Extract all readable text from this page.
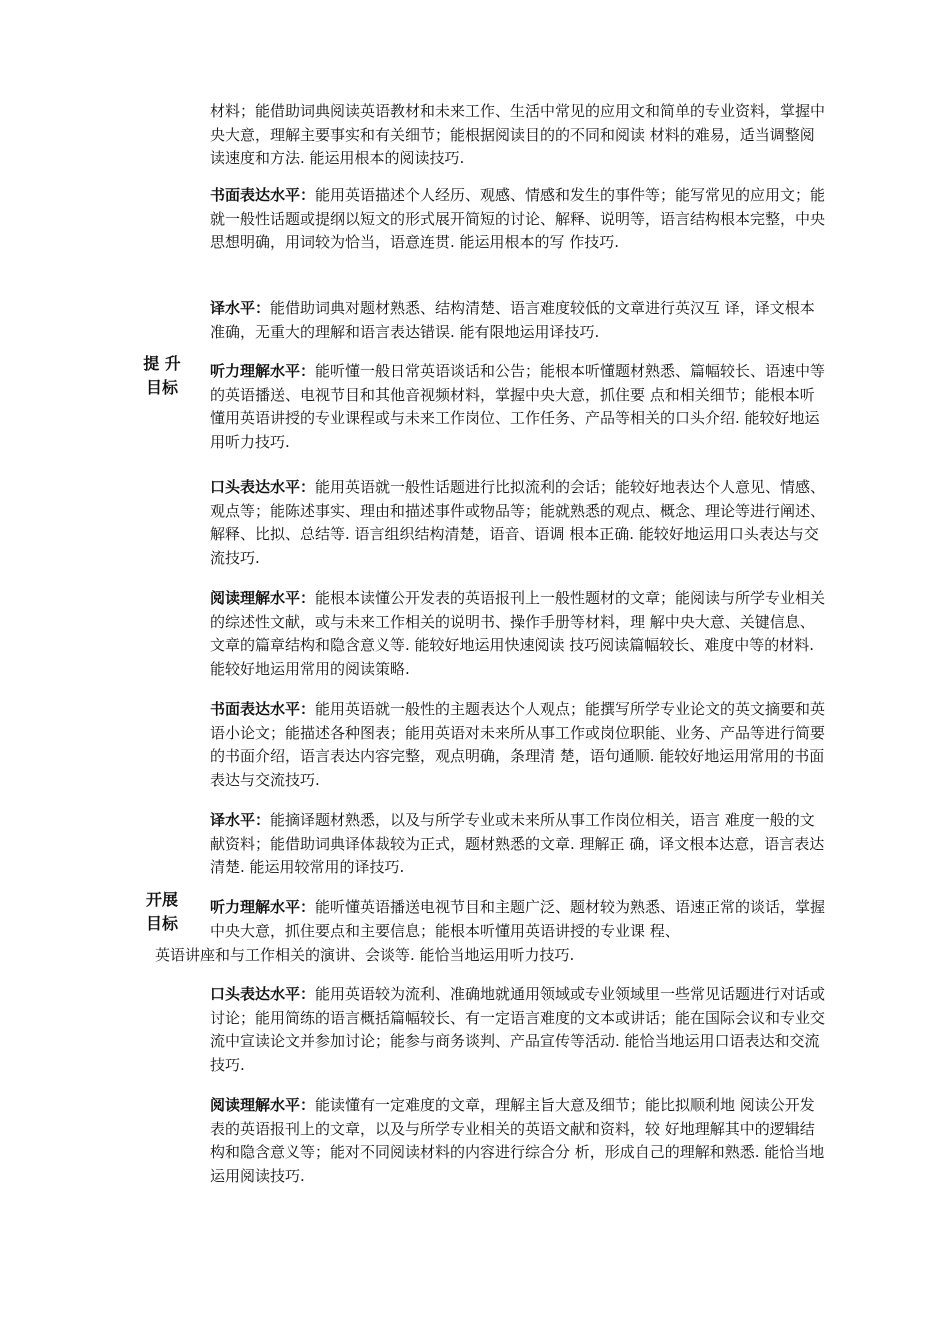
材料；能借助词典阅读英语教材和未来工作、生活中常见的应用文和简单的专业资料，掌握中央大意，理解主要事实和有关细节；能根据阅读目的的不同和阅读 材料的难易，适当调整阅读速度和方法. 能运用根本的阅读技巧.

书面表达水平：能用英语描述个人经历、观感、情感和发生的事件等；能写常见的应用文；能就一般性话题或提纲以短文的形式展开简短的讨论、解释、说明等，语言结构根本完整，中央思想明确，用词较为恰当，语意连贯. 能运用根本的写 作技巧.

译水平：能借助词典对题材熟悉、结构清楚、语言难度较低的文章进行英汉互 译，译文根本准确，无重大的理解和语言表达错误. 能有限地运用译技巧.

提 升
目标

听力理解水平：能听懂一般日常英语谈话和公告；能根本听懂题材熟悉、篇幅较长、语速中等的英语播送、电视节目和其他音视频材料，掌握中央大意，抓住要 点和相关细节；能根本听懂用英语讲授的专业课程或与未来工作岗位、工作任务、产品等相关的口头介绍. 能较好地运用听力技巧.

口头表达水平：能用英语就一般性话题进行比拟流利的会话；能较好地表达个人意见、情感、观点等；能陈述事实、理由和描述事件或物品等；能就熟悉的观点、概念、理论等进行阐述、解释、比拟、总结等. 语言组织结构清楚，语音、语调 根本正确. 能较好地运用口头表达与交流技巧.

阅读理解水平：能根本读懂公开发表的英语报刊上一般性题材的文章；能阅读与所学专业相关的综述性文献，或与未来工作相关的说明书、操作手册等材料，理 解中央大意、关键信息、文章的篇章结构和隐含意义等. 能较好地运用快速阅读 技巧阅读篇幅较长、难度中等的材料. 能较好地运用常用的阅读策略.

书面表达水平：能用英语就一般性的主题表达个人观点；能撰写所学专业论文的英文摘要和英语小论文；能描述各种图表；能用英语对未来所从事工作或岗位职能、业务、产品等进行简要的书面介绍，语言表达内容完整，观点明确，条理清 楚，语句通顺. 能较好地运用常用的书面表达与交流技巧.

译水平：能摘译题材熟悉，以及与所学专业或未来所从事工作岗位相关，语言 难度一般的文献资料；能借助词典译体裁较为正式，题材熟悉的文章. 理解正 确，译文根本达意，语言表达清楚. 能运用较常用的译技巧.

开展
目标

听力理解水平：能听懂英语播送电视节目和主题广泛、题材较为熟悉、语速正常的谈话，掌握中央大意，抓住要点和主要信息；能根本听懂用英语讲授的专业课 程、

英语讲座和与工作相关的演讲、会谈等. 能恰当地运用听力技巧.

口头表达水平：能用英语较为流利、准确地就通用领域或专业领域里一些常见话题进行对话或讨论；能用简练的语言概括篇幅较长、有一定语言难度的文本或讲话；能在国际会议和专业交流中宣读论文并参加讨论；能参与商务谈判、产品宣传等活动. 能恰当地运用口语表达和交流技巧.

阅读理解水平：能读懂有一定难度的文章，理解主旨大意及细节；能比拟顺利地 阅读公开发表的英语报刊上的文章，以及与所学专业相关的英语文献和资料，较 好地理解其中的逻辑结构和隐含意义等；能对不同阅读材料的内容进行综合分 析，形成自己的理解和熟悉. 能恰当地运用阅读技巧.
